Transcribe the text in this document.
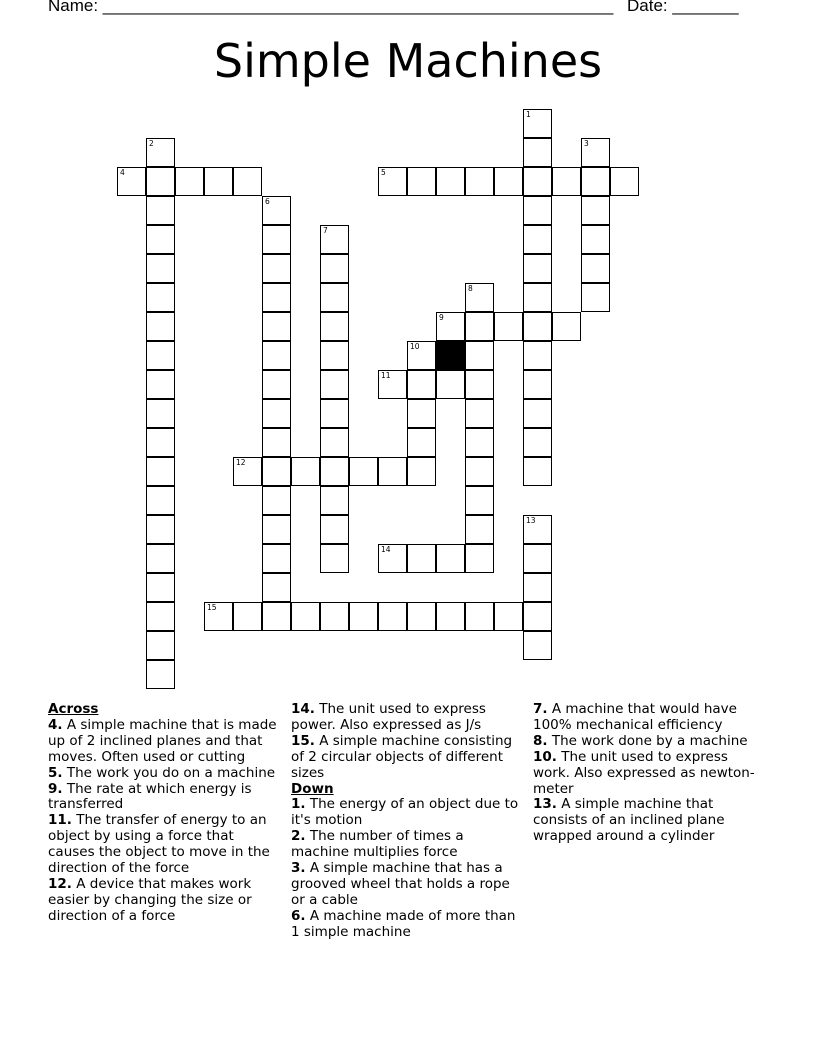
Name: ______________________________________________________ Date: _______
Simple Machines
1
2	3
4	5
6
7
8
9
10
11
12
13
14
15

Across

4. A simple machine that is made up of 2 inclined planes and that moves. Often used or cutting

5. The work you do on a machine

9. The rate at which energy is transferred

11. The transfer of energy to an object by using a force that causes the object to move in the direction of the force

12. A device that makes work easier by changing the size or direction of a force

14. The unit used to express power. Also expressed as J/s

15. A simple machine consisting of 2 circular objects of different sizes

Down

1. The energy of an object due to it's motion

2. The number of times a machine multiplies force

3. A simple machine that has a grooved wheel that holds a rope or a cable

6. A machine made of more than 1 simple machine

7. A machine that would have 100% mechanical efficiency

8. The work done by a machine

10. The unit used to express work. Also expressed as newton-meter

13. A simple machine that consists of an inclined plane wrapped around a cylinder
